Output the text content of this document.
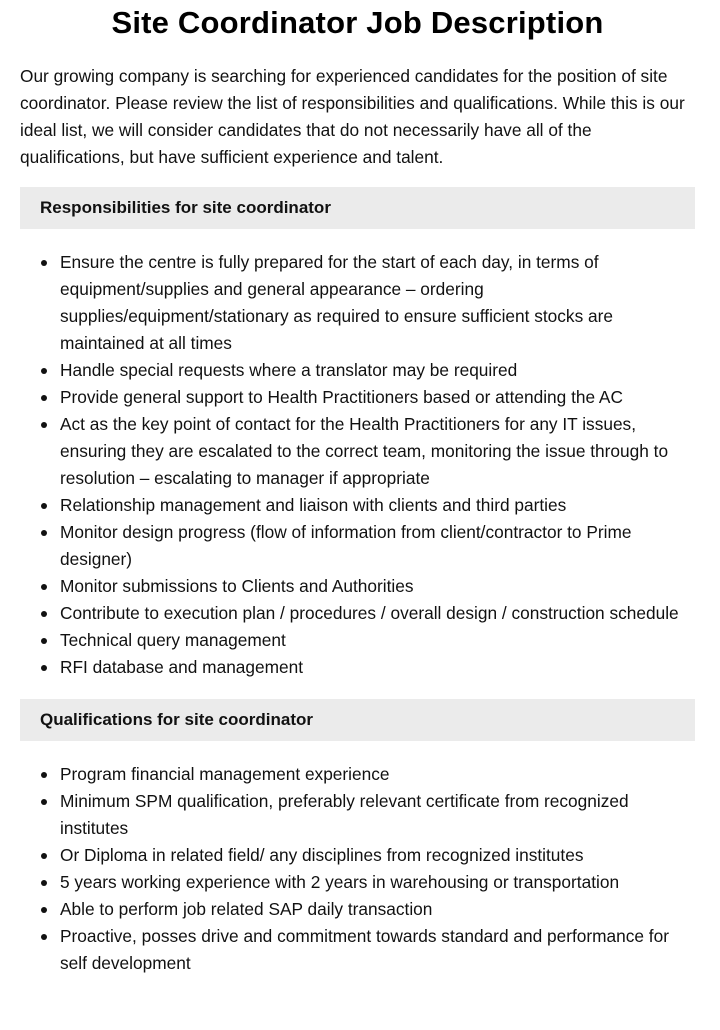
Site Coordinator Job Description

Our growing company is searching for experienced candidates for the position of site coordinator. Please review the list of responsibilities and qualifications. While this is our ideal list, we will consider candidates that do not necessarily have all of the qualifications, but have sufficient experience and talent.

Responsibilities for site coordinator
Ensure the centre is fully prepared for the start of each day, in terms of equipment/supplies and general appearance – ordering supplies/equipment/stationary as required to ensure sufficient stocks are maintained at all times
Handle special requests where a translator may be required
Provide general support to Health Practitioners based or attending the AC
Act as the key point of contact for the Health Practitioners for any IT issues, ensuring they are escalated to the correct team, monitoring the issue through to resolution – escalating to manager if appropriate
Relationship management and liaison with clients and third parties
Monitor design progress (flow of information from client/contractor to Prime designer)
Monitor submissions to Clients and Authorities
Contribute to execution plan / procedures / overall design / construction schedule
Technical query management
RFI database and management
Qualifications for site coordinator
Program financial management experience
Minimum SPM qualification, preferably relevant certificate from recognized institutes
Or Diploma in related field/ any disciplines from recognized institutes
5 years working experience with 2 years in warehousing or transportation
Able to perform job related SAP daily transaction
Proactive, posses drive and commitment towards standard and performance for self development
